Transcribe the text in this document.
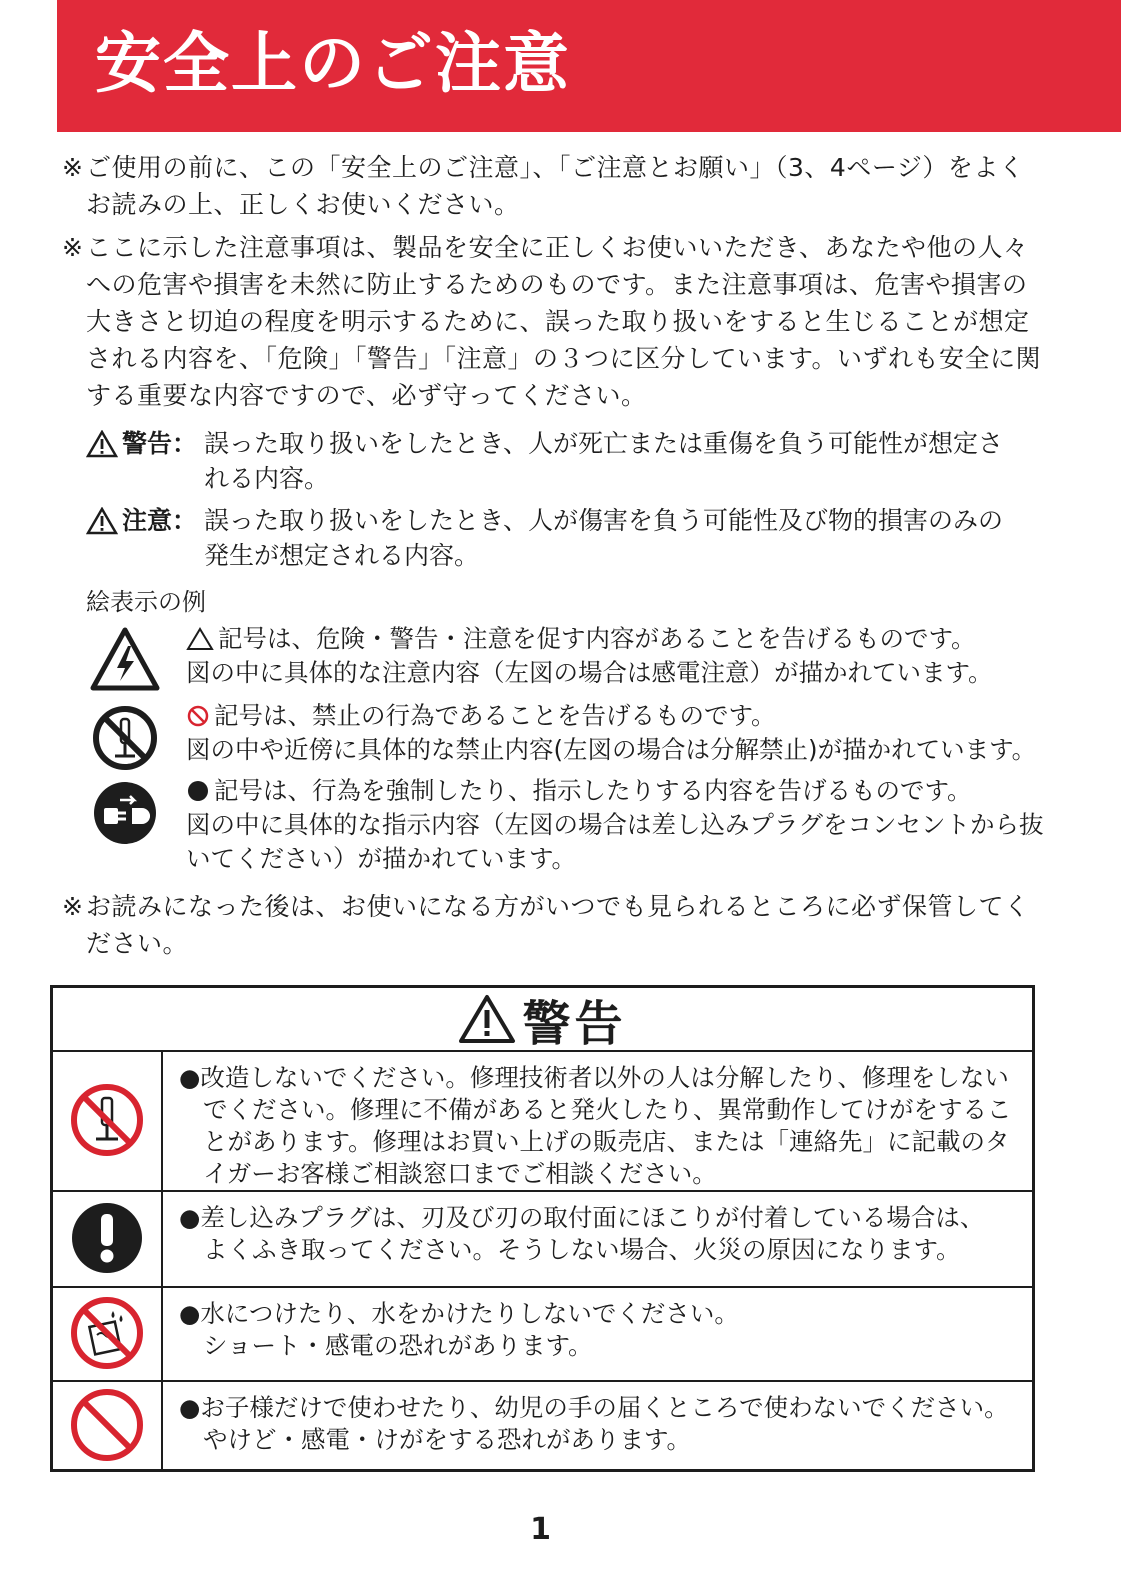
安全上のご注意
※ ご使用の前に、この「安全上のご注意」、「ご注意とお願い」（3、4ページ）をよくお読みの上、正しくお使いください。
※ ここに示した注意事項は、製品を安全に正しくお使いいただき、あなたや他の人々への危害や損害を未然に防止するためのものです。また注意事項は、危害や損害の大きさと切迫の程度を明示するために、誤った取り扱いをすると生じることが想定される内容を、「危険」「警告」「注意」の３つに区分しています。いずれも安全に関する重要な内容ですので、必ず守ってください。
警告： 誤った取り扱いをしたとき、人が死亡または重傷を負う可能性が想定される内容。
注意： 誤った取り扱いをしたとき、人が傷害を負う可能性及び物的損害のみの発生が想定される内容。
絵表示の例
記号は、危険・警告・注意を促す内容があることを告げるものです。
図の中に具体的な注意内容（左図の場合は感電注意）が描かれています。
記号は、禁止の行為であることを告げるものです。
図の中や近傍に具体的な禁止内容(左図の場合は分解禁止)が描かれています。
記号は、行為を強制したり、指示したりする内容を告げるものです。
図の中に具体的な指示内容（左図の場合は差し込みプラグをコンセントから抜いてください）が描かれています。
※ お読みになった後は、お使いになる方がいつでも見られるところに必ず保管してください。
警告
●改造しないでください。修理技術者以外の人は分解したり、修理をしない
でください。修理に不備があると発火したり、異常動作してけがをすることがあります。修理はお買い上げの販売店、または「連絡先」に記載のタイガーお客様ご相談窓口までご相談ください。
●差し込みプラグは、刃及び刃の取付面にほこりが付着している場合は、
よくふき取ってください。そうしない場合、火災の原因になります。
●水につけたり、水をかけたりしないでください。
ショート・感電の恐れがあります。
●お子様だけで使わせたり、幼児の手の届くところで使わないでください。
やけど・感電・けがをする恐れがあります。
1
